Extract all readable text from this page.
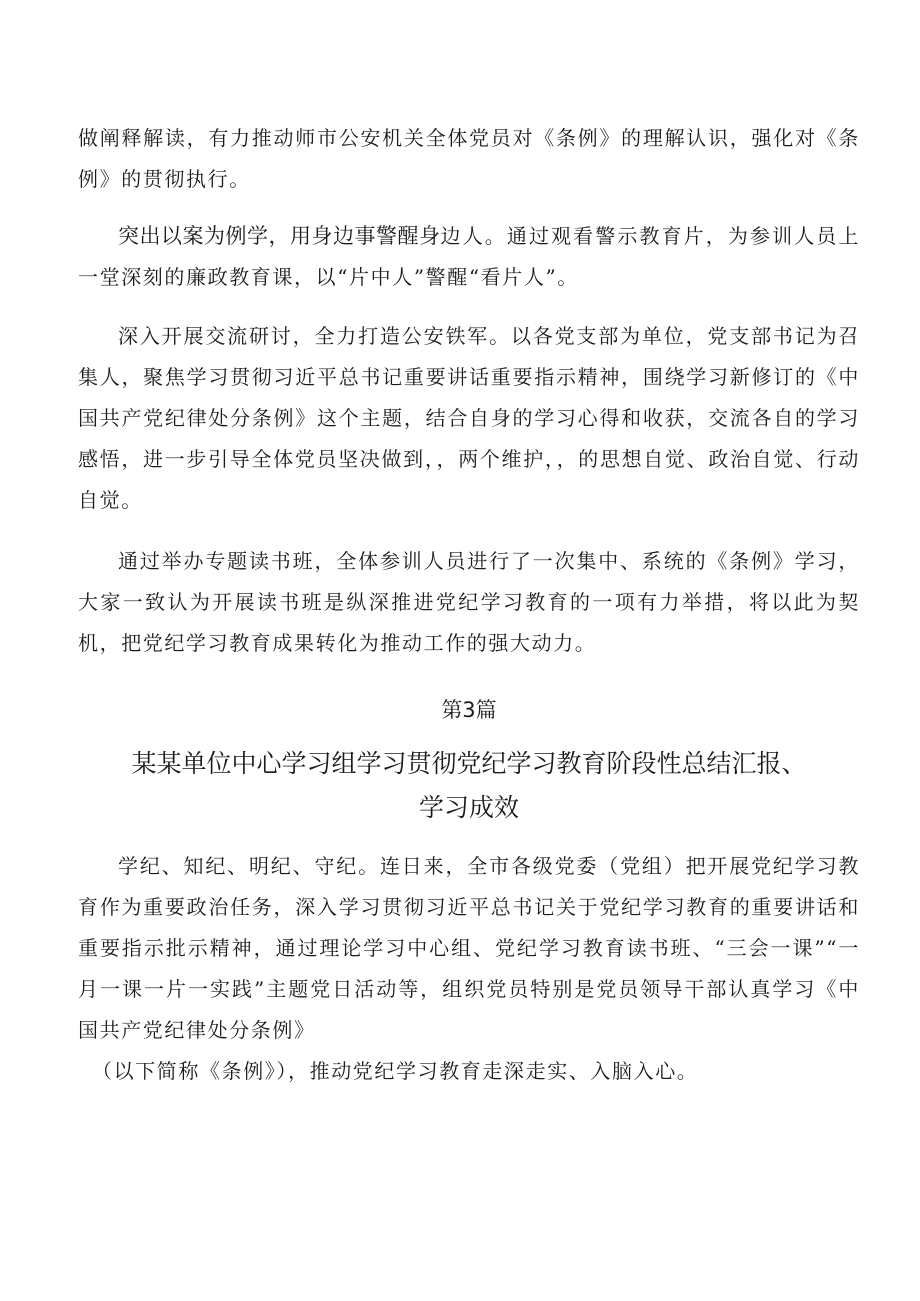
做阐释解读，有力推动师市公安机关全体党员对《条例》的理解认识，强化对《条例》的贯彻执行。

突出以案为例学，用身边事警醒身边人。通过观看警示教育片，为参训人员上一堂深刻的廉政教育课，以“片中人”警醒“看片人”。

深入开展交流研讨，全力打造公安铁军。以各党支部为单位，党支部书记为召集人，聚焦学习贯彻习近平总书记重要讲话重要指示精神，围绕学习新修订的《中国共产党纪律处分条例》这个主题，结合自身的学习心得和收获，交流各自的学习感悟，进一步引导全体党员坚决做到，，两个维护，，的思想自觉、政治自觉、行动自觉。

通过举办专题读书班，全体参训人员进行了一次集中、系统的《条例》学习，大家一致认为开展读书班是纵深推进党纪学习教育的一项有力举措，将以此为契机，把党纪学习教育成果转化为推动工作的强大动力。

第3篇
某某单位中心学习组学习贯彻党纪学习教育阶段性总结汇报、学习成效

学纪、知纪、明纪、守纪。连日来，全市各级党委（党组）把开展党纪学习教育作为重要政治任务，深入学习贯彻习近平总书记关于党纪学习教育的重要讲话和重要指示批示精神，通过理论学习中心组、党纪学习教育读书班、“三会一课”“一月一课一片一实践”主题党日活动等，组织党员特别是党员领导干部认真学习《中国共产党纪律处分条例》

（以下简称《条例》），推动党纪学习教育走深走实、入脑入心。
